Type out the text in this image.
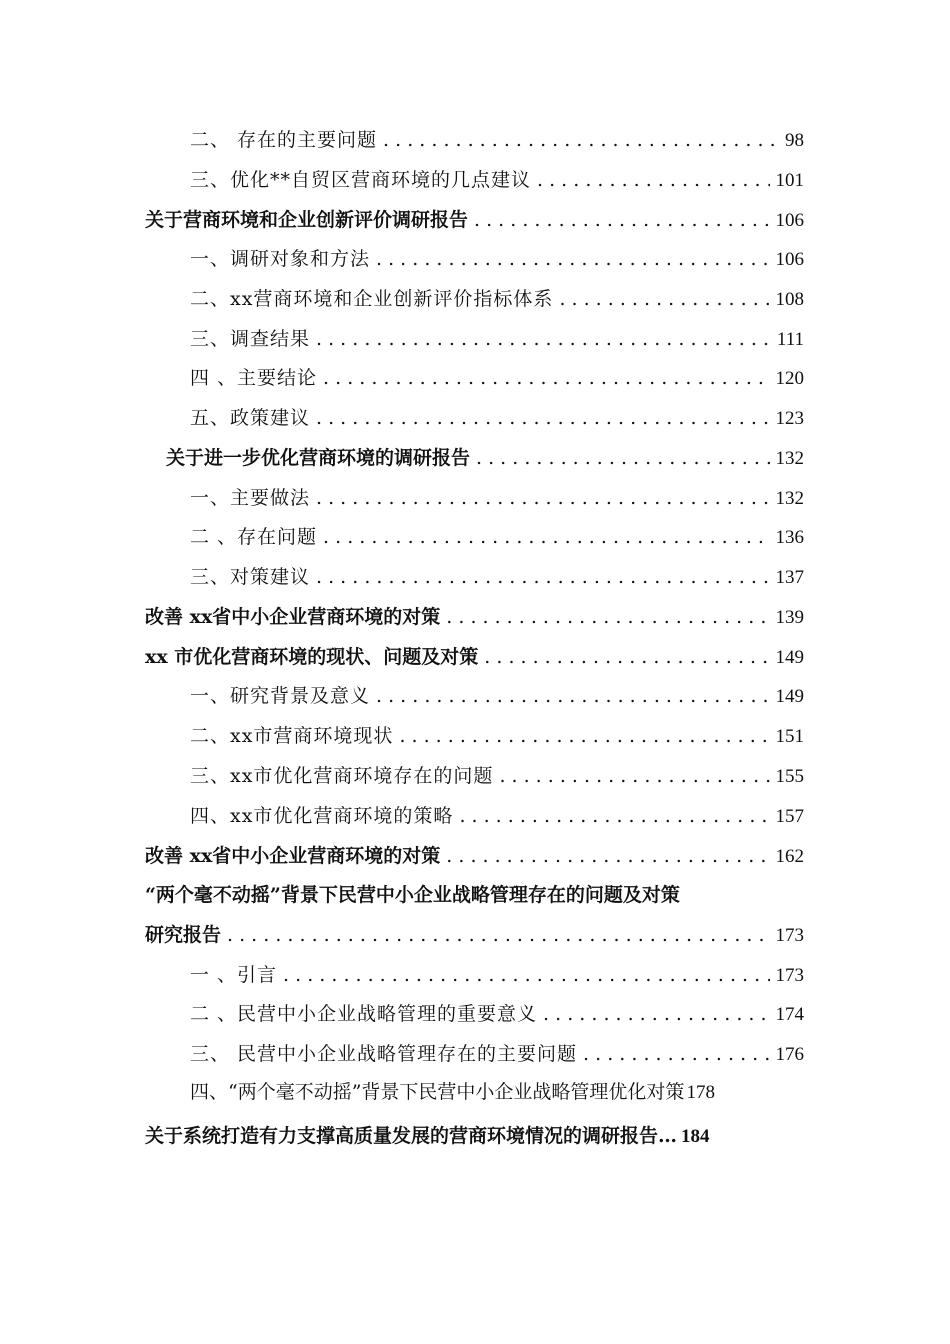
二、 存在的主要问题 . . .	98
三、优化**自贸区营商环境的几点建议 . . .	101
关于营商环境和企业创新评价调研报告 . . .	106
一、调研对象和方法 . . .	106
二、xx营商环境和企业创新评价指标体系 . . .	108
三、调查结果 . . .	111
四 、主要结论 . . .	120
五、政策建议 . . .	123
关于进一步优化营商环境的调研报告 . . .	132
一、主要做法 . . .	132
二 、存在问题 . . .	136
三、对策建议 . . .	137
改善 xx省中小企业营商环境的对策 . . .	139
xx 市优化营商环境的现状、问题及对策 . . .	149
一、研究背景及意义 . . .	149
二、xx市营商环境现状 . . .	151
三、xx市优化营商环境存在的问题 . . .	155
四、xx市优化营商环境的策略 . . .	157
改善 xx省中小企业营商环境的对策 . . .	162
“两个毫不动摇”背景下民营中小企业战略管理存在的问题及对策
研究报告 . . .	173
一 、引言 . . .	173
二 、民营中小企业战略管理的重要意义 . . .	174
三、 民营中小企业战略管理存在的主要问题 . . .	176
四、“两个毫不动摇”背景下民营中小企业战略管理优化对策 178
关于系统打造有力支撑高质量发展的营商环境情况的调研报告… 184
